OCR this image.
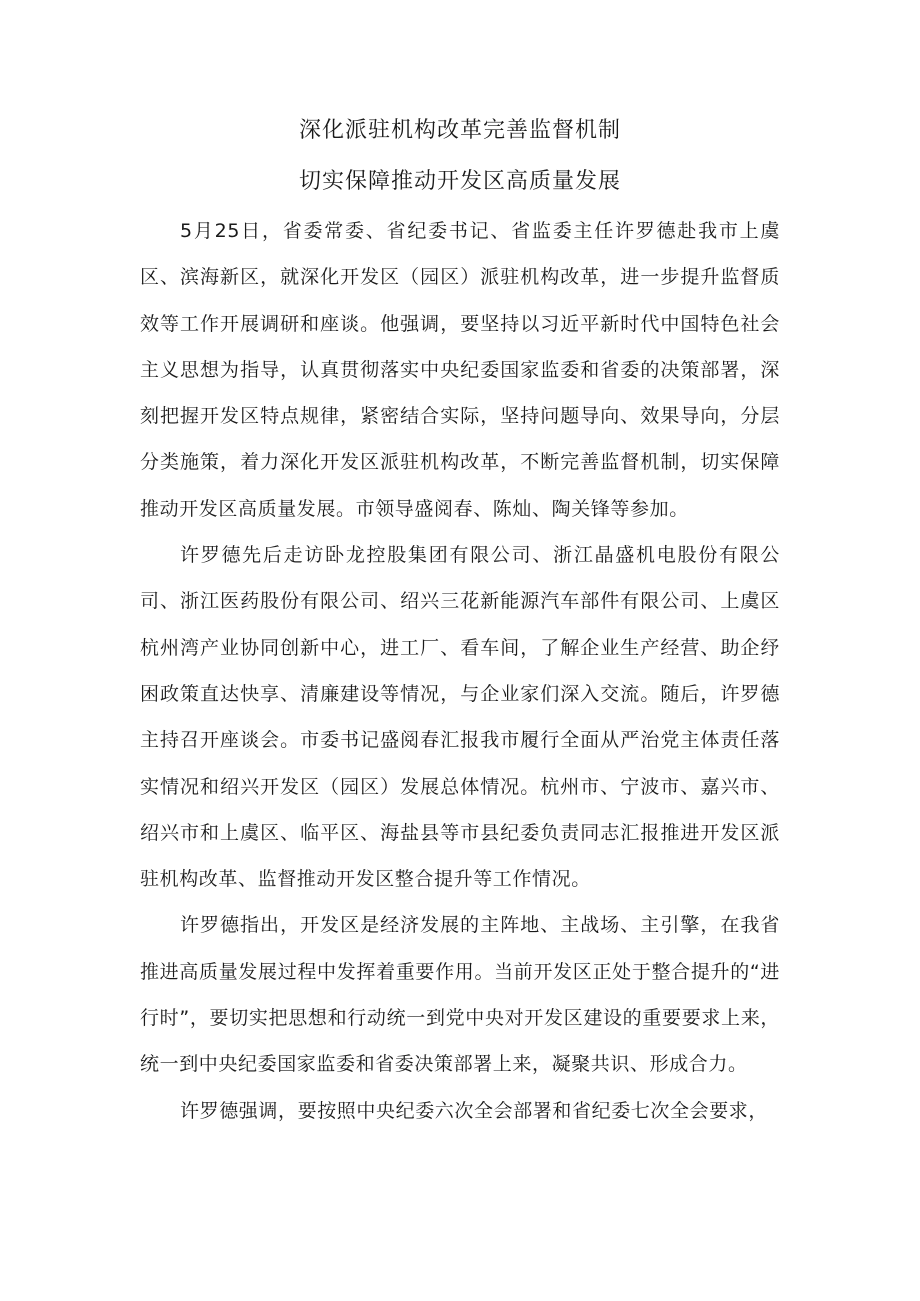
深化派驻机构改革完善监督机制
切实保障推动开发区高质量发展

5月25日，省委常委、省纪委书记、省监委主任许罗德赴我市上虞区、滨海新区，就深化开发区（园区）派驻机构改革，进一步提升监督质效等工作开展调研和座谈。他强调，要坚持以习近平新时代中国特色社会主义思想为指导，认真贯彻落实中央纪委国家监委和省委的决策部署，深刻把握开发区特点规律，紧密结合实际，坚持问题导向、效果导向，分层分类施策，着力深化开发区派驻机构改革，不断完善监督机制，切实保障推动开发区高质量发展。市领导盛阅春、陈灿、陶关锋等参加。

许罗德先后走访卧龙控股集团有限公司、浙江晶盛机电股份有限公司、浙江医药股份有限公司、绍兴三花新能源汽车部件有限公司、上虞区杭州湾产业协同创新中心，进工厂、看车间，了解企业生产经营、助企纾困政策直达快享、清廉建设等情况，与企业家们深入交流。随后，许罗德主持召开座谈会。市委书记盛阅春汇报我市履行全面从严治党主体责任落实情况和绍兴开发区（园区）发展总体情况。杭州市、宁波市、嘉兴市、绍兴市和上虞区、临平区、海盐县等市县纪委负责同志汇报推进开发区派驻机构改革、监督推动开发区整合提升等工作情况。

许罗德指出，开发区是经济发展的主阵地、主战场、主引擎，在我省推进高质量发展过程中发挥着重要作用。当前开发区正处于整合提升的“进行时”，要切实把思想和行动统一到党中央对开发区建设的重要要求上来，统一到中央纪委国家监委和省委决策部署上来，凝聚共识、形成合力。

许罗德强调，要按照中央纪委六次全会部署和省纪委七次全会要求，
